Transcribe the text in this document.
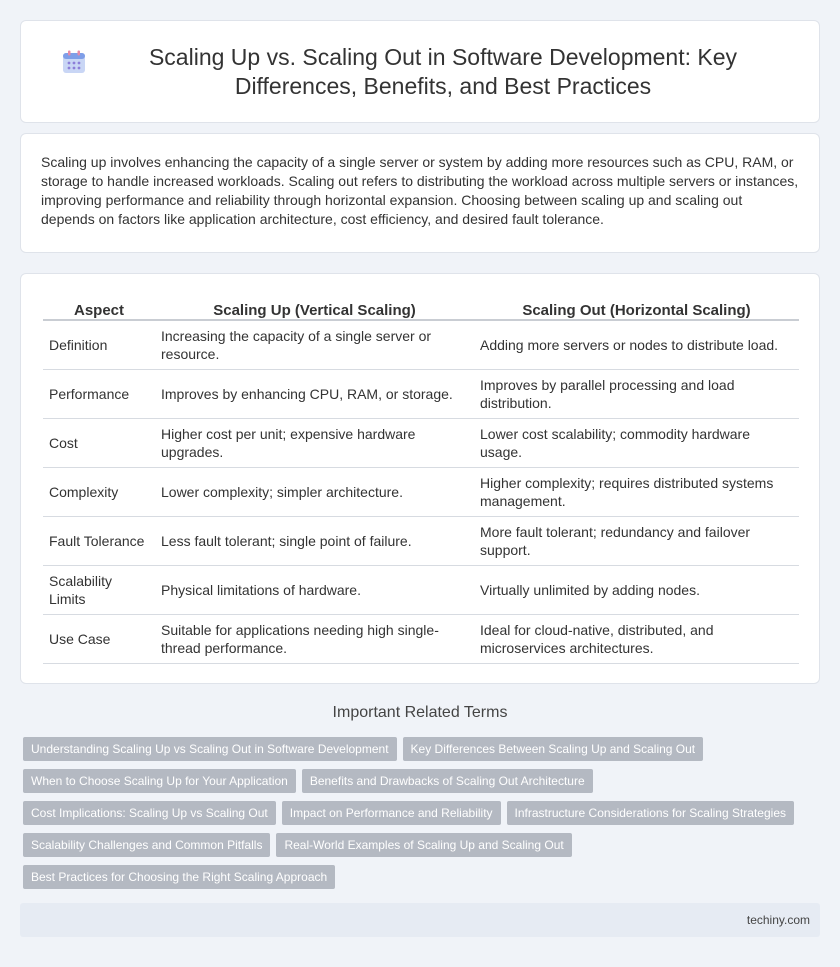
Scaling Up vs. Scaling Out in Software Development: Key Differences, Benefits, and Best Practices

Scaling up involves enhancing the capacity of a single server or system by adding more resources such as CPU, RAM, or storage to handle increased workloads. Scaling out refers to distributing the workload across multiple servers or instances, improving performance and reliability through horizontal expansion. Choosing between scaling up and scaling out depends on factors like application architecture, cost efficiency, and desired fault tolerance.

Aspect	Scaling Up (Vertical Scaling)	Scaling Out (Horizontal Scaling)
Definition	Increasing the capacity of a single server or resource.	Adding more servers or nodes to distribute load.
Performance	Improves by enhancing CPU, RAM, or storage.	Improves by parallel processing and load distribution.
Cost	Higher cost per unit; expensive hardware upgrades.	Lower cost scalability; commodity hardware usage.
Complexity	Lower complexity; simpler architecture.	Higher complexity; requires distributed systems management.
Fault Tolerance	Less fault tolerant; single point of failure.	More fault tolerant; redundancy and failover support.
Scalability Limits	Physical limitations of hardware.	Virtually unlimited by adding nodes.
Use Case	Suitable for applications needing high single-thread performance.	Ideal for cloud-native, distributed, and microservices architectures.
Important Related Terms
Understanding Scaling Up vs Scaling Out in Software Development	Key Differences Between Scaling Up and Scaling Out
When to Choose Scaling Up for Your Application	Benefits and Drawbacks of Scaling Out Architecture
Cost Implications: Scaling Up vs Scaling Out	Impact on Performance and Reliability	Infrastructure Considerations for Scaling Strategies
Scalability Challenges and Common Pitfalls	Real-World Examples of Scaling Up and Scaling Out
Best Practices for Choosing the Right Scaling Approach
techiny.com
